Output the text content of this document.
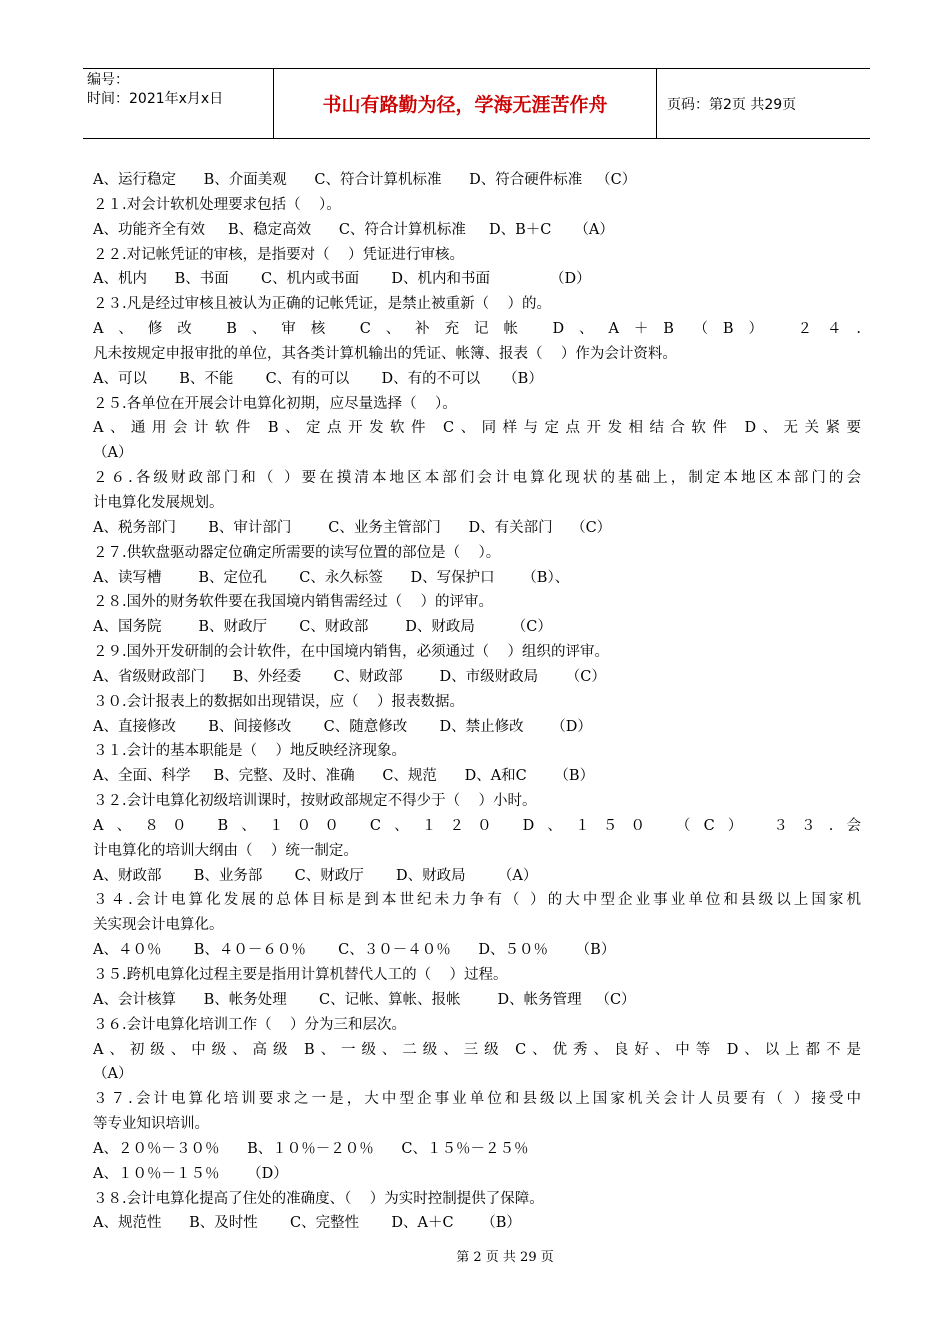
编号：
时间：2021年x月x日	书山有路勤为径，学海无涯苦作舟	页码：第2页 共29页
A、运行稳定      B、介面美观      C、符合计算机标准      D、符合硬件标准   （C）
２１.对会计软机处理要求包括（    ）。
A、功能齐全有效     B、稳定高效      C、符合计算机标准     D、B＋C     （A）
２２.对记帐凭证的审核，是指要对（    ）凭证进行审核。
A、机内      B、书面       C、机内或书面       D、机内和书面             （D）
２３.凡是经过审核且被认为正确的记帐凭证，是禁止被重新（    ）的。
A、修改 B、审核 C、补充记帐 D、A＋B （B） ２４.
凡未按规定申报审批的单位，其各类计算机输出的凭证、帐簿、报表（    ）作为会计资料。
A、可以       B、不能       C、有的可以       D、有的不可以     （B）
２５.各单位在开展会计电算化初期，应尽量选择（    ）。
A、通用会计软件 B、定点开发软件 C、同样与定点开发相结合软件 D、无关紧要
（A）
２６.各级财政部门和（ ）要在摸清本地区本部们会计电算化现状的基础上，制定本地区本部门的会
计电算化发展规划。
A、税务部门       B、审计部门        C、业务主管部门      D、有关部门    （C）
２７.供软盘驱动器定位确定所需要的读写位置的部位是（    ）。
A、读写槽        B、定位孔       C、永久标签      D、写保护口      （B）、
２８.国外的财务软件要在我国境内销售需经过（    ）的评审。
A、国务院        B、财政厅       C、财政部        D、财政局        （C）
２９.国外开发研制的会计软件，在中国境内销售，必须通过（    ）组织的评审。
A、省级财政部门      B、外经委       C、财政部        D、市级财政局      （C）
３０.会计报表上的数据如出现错误，应（    ）报表数据。
A、直接修改       B、间接修改       C、随意修改       D、禁止修改      （D）
３１.会计的基本职能是（    ）地反映经济现象。
A、全面、科学     B、完整、及时、准确      C、规范      D、A和C      （B）
３２.会计电算化初级培训课时，按财政部规定不得少于（    ）小时。
A、８０ B、１００ C、１２０ D、１５０ （C） ３３.会
计电算化的培训大纲由（    ）统一制定。
A、财政部       B、业务部       C、财政厅       D、财政局       （A）
３４.会计电算化发展的总体目标是到本世纪未力争有（ ）的大中型企业事业单位和县级以上国家机
关实现会计电算化。
A、４０％       B、４０－６０％       C、３０－４０％      D、５０％      （B）
３５.跨机电算化过程主要是指用计算机替代人工的（    ）过程。
A、会计核算      B、帐务处理       C、记帐、算帐、报帐        D、帐务管理   （C）
３６.会计电算化培训工作（    ）分为三和层次。
A、初级、中级、高级 B、一级、二级、三级 C、优秀、良好、中等 D、以上都不是
（A）
３７.会计电算化培训要求之一是，大中型企事业单位和县级以上国家机关会计人员要有（ ）接受中
等专业知识培训。
A、２０％－３０％      B、１０％－２０％      C、１５％－２５％
A、１０％－１５％      （D）
３８.会计电算化提高了住处的准确度、（    ）为实时控制提供了保障。
A、规范性      B、及时性       C、完整性       D、A＋C      （B）
第 2 页 共 29 页
